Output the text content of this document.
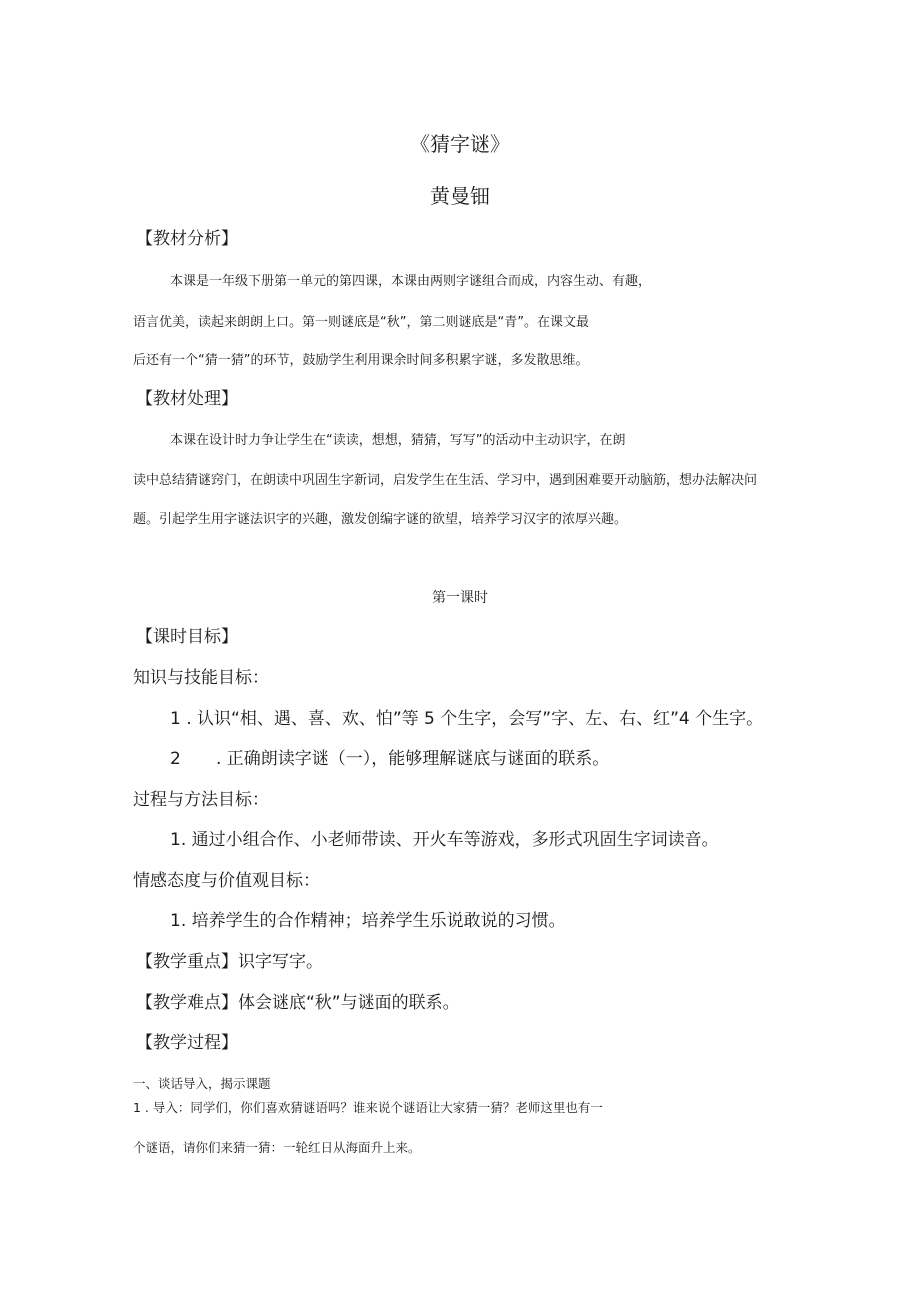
《猜字谜》
黄曼钿
【教材分析】
本课是一年级下册第一单元的第四课，本课由两则字谜组合而成，内容生动、有趣，
语言优美，读起来朗朗上口。第一则谜底是“秋”，第二则谜底是“青”。在课文最
后还有一个“猜一猜”的环节，鼓励学生利用课余时间多积累字谜，多发散思维。
【教材处理】
本课在设计时力争让学生在“读读，想想，猜猜，写写”的活动中主动识字，在朗
读中总结猜谜窍门，在朗读中巩固生字新词，启发学生在生活、学习中，遇到困难要开动脑筋，想办法解决问
题。引起学生用字谜法识字的兴趣，激发创编字谜的欲望，培养学习汉字的浓厚兴趣。
第一课时
【课时目标】
知识与技能目标：
1 . 认识“相、遇、喜、欢、怕”等 5 个生字，会写”字、左、右、红”4 个生字。
2 . 正确朗读字谜（一），能够理解谜底与谜面的联系。
过程与方法目标：
1. 通过小组合作、小老师带读、开火车等游戏，多形式巩固生字词读音。
情感态度与价值观目标：
1. 培养学生的合作精神；培养学生乐说敢说的习惯。
【教学重点】识字写字。
【教学难点】体会谜底“秋”与谜面的联系。
【教学过程】
一、谈话导入，揭示课题
1 . 导入：同学们，你们喜欢猜谜语吗？谁来说个谜语让大家猜一猜？老师这里也有一
个谜语，请你们来猜一猜：一轮红日从海面升上来。
